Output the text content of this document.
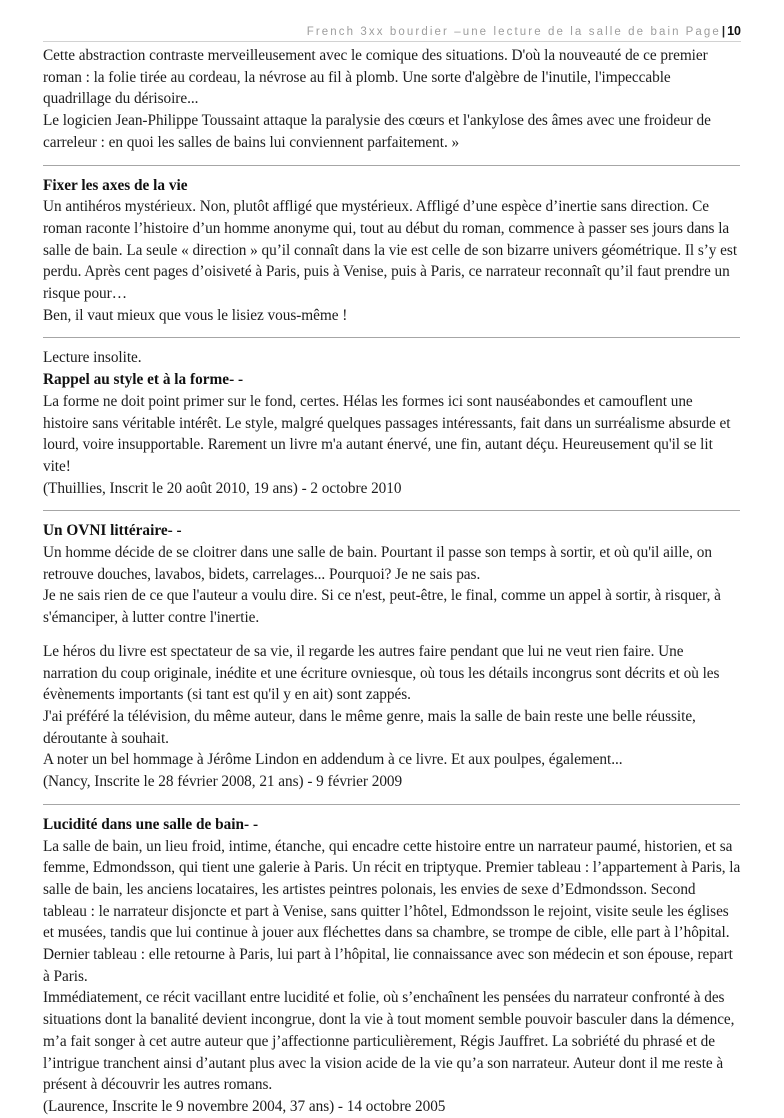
French 3xx bourdier –une lecture de la salle de bain Page| 10

Cette abstraction contraste merveilleusement avec le comique des situations. D'où la nouveauté de ce premier roman : la folie tirée au cordeau, la névrose au fil à plomb. Une sorte d'algèbre de l'inutile, l'impeccable quadrillage du dérisoire...

Le logicien Jean-Philippe Toussaint attaque la paralysie des cœurs et l'ankylose des âmes avec une froideur de carreleur : en quoi les salles de bains lui conviennent parfaitement. »

Fixer les axes de la vie

Un antihéros mystérieux. Non, plutôt affligé que mystérieux. Affligé d’une espèce d’inertie sans direction. Ce roman raconte l’histoire d’un homme anonyme qui, tout au début du roman, commence à passer ses jours dans la salle de bain. La seule « direction » qu’il connaît dans la vie est celle de son bizarre univers géométrique. Il s’y est perdu. Après cent pages d’oisiveté à Paris, puis à Venise, puis à Paris, ce narrateur reconnaît qu’il faut prendre un risque pour…

Ben, il vaut mieux que vous le lisiez vous-même !

Lecture insolite.

Rappel au style et à la forme- -

La forme ne doit point primer sur le fond, certes. Hélas les formes ici sont nauséabondes et camouflent une histoire sans véritable intérêt. Le style, malgré quelques passages intéressants, fait dans un surréalisme absurde et lourd, voire insupportable. Rarement un livre m'a autant énervé, une fin, autant déçu. Heureusement qu'il se lit vite!

(Thuillies, Inscrit le 20 août 2010, 19 ans) - 2 octobre 2010

Un OVNI littéraire- -

Un homme décide de se cloitrer dans une salle de bain. Pourtant il passe son temps à sortir, et où qu'il aille, on retrouve douches, lavabos, bidets, carrelages... Pourquoi? Je ne sais pas.

Je ne sais rien de ce que l'auteur a voulu dire. Si ce n'est, peut-être, le final, comme un appel à sortir, à risquer, à s'émanciper, à lutter contre l'inertie.

Le héros du livre est spectateur de sa vie, il regarde les autres faire pendant que lui ne veut rien faire. Une narration du coup originale, inédite et une écriture ovniesque, où tous les détails incongrus sont décrits et où les évènements importants (si tant est qu'il y en ait) sont zappés.

J'ai préféré la télévision, du même auteur, dans le même genre, mais la salle de bain reste une belle réussite, déroutante à souhait.

A noter un bel hommage à Jérôme Lindon en addendum à ce livre. Et aux poulpes, également...

(Nancy, Inscrite le 28 février 2008, 21 ans) - 9 février 2009

Lucidité dans une salle de bain- -

La salle de bain, un lieu froid, intime, étanche, qui encadre cette histoire entre un narrateur paumé, historien, et sa femme, Edmondsson, qui tient une galerie à Paris. Un récit en triptyque. Premier tableau : l’appartement à Paris, la salle de bain, les anciens locataires, les artistes peintres polonais, les envies de sexe d’Edmondsson. Second tableau : le narrateur disjoncte et part à Venise, sans quitter l’hôtel, Edmondsson le rejoint, visite seule les églises et musées, tandis que lui continue à jouer aux fléchettes dans sa chambre, se trompe de cible, elle part à l’hôpital. Dernier tableau : elle retourne à Paris, lui part à l’hôpital, lie connaissance avec son médecin et son épouse, repart à Paris.

Immédiatement, ce récit vacillant entre lucidité et folie, où s’enchaînent les pensées du narrateur confronté à des situations dont la banalité devient incongrue, dont la vie à tout moment semble pouvoir basculer dans la démence, m’a fait songer à cet autre auteur que j’affectionne particulièrement, Régis Jauffret. La sobriété du phrasé et de l’intrigue tranchent ainsi d’autant plus avec la vision acide de la vie qu’a son narrateur. Auteur dont il me reste à présent à découvrir les autres romans.

(Laurence, Inscrite le 9 novembre 2004, 37 ans) - 14 octobre 2005
